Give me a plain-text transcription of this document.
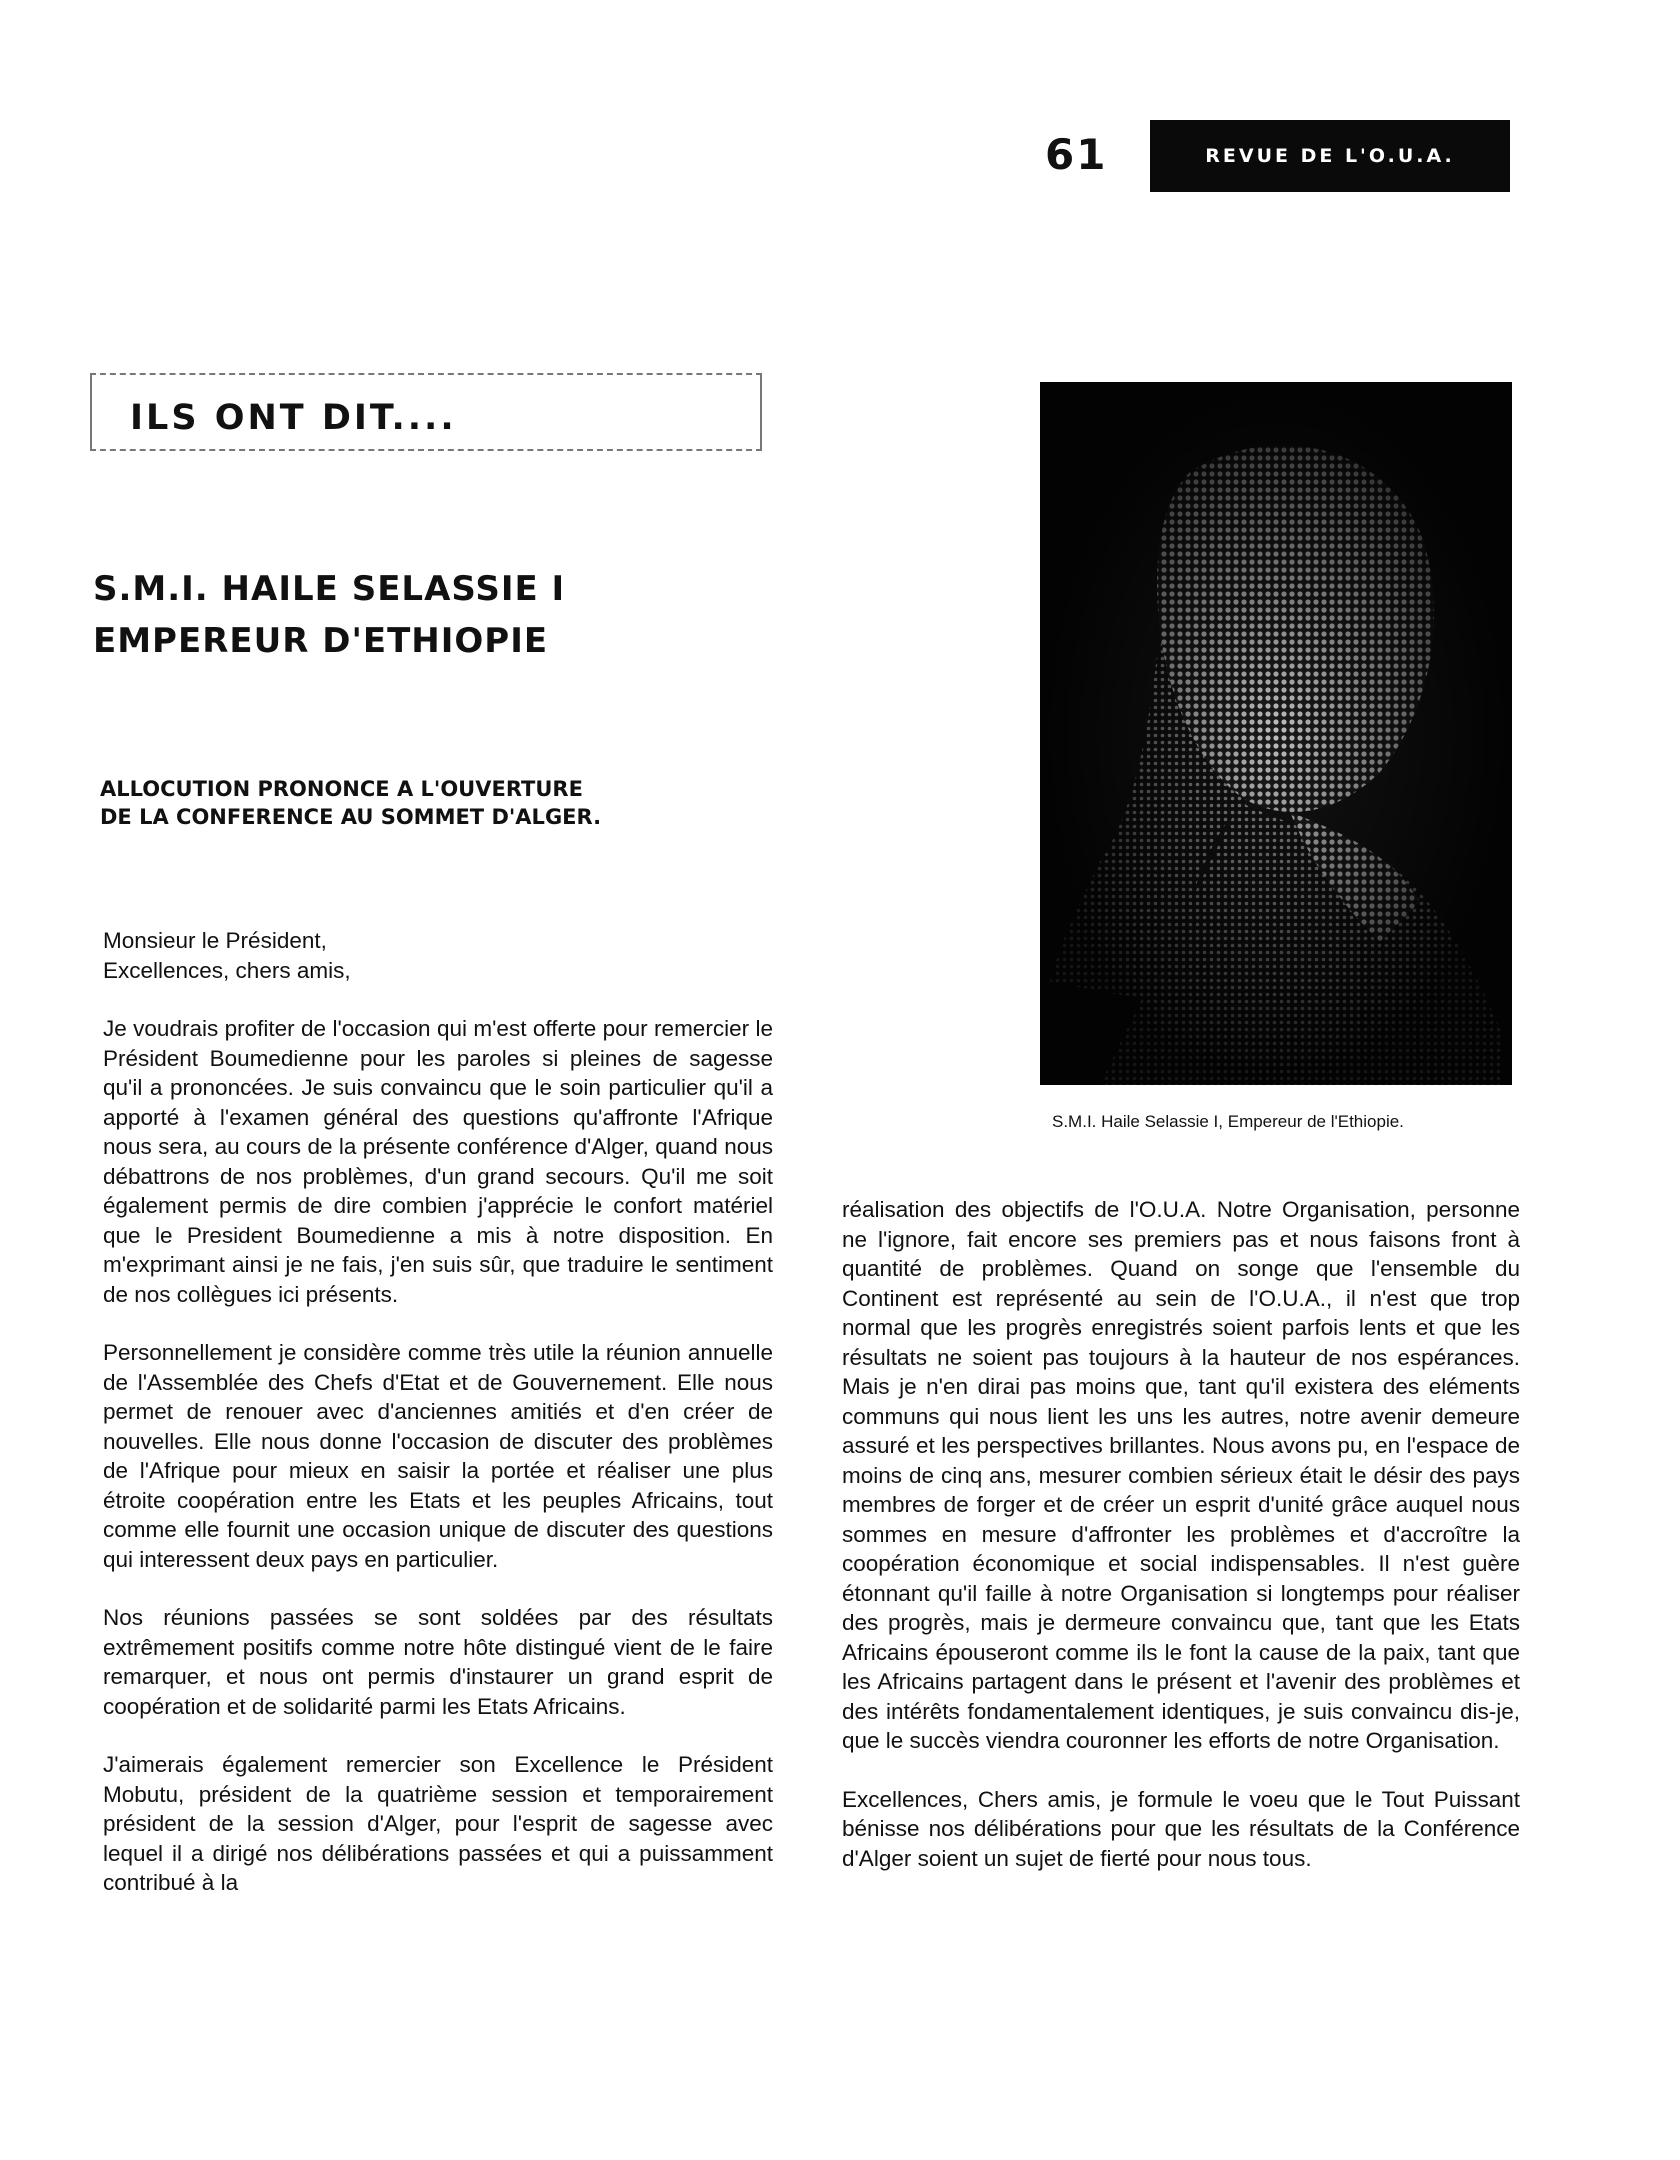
61	REVUE DE L'O.U.A.
ILS ONT DIT....
S.M.I. HAILE SELASSIE I
EMPEREUR D'ETHIOPIE
ALLOCUTION PRONONCE A L'OUVERTURE
DE LA CONFERENCE AU SOMMET D'ALGER.
S.M.I. Haile Selassie I, Empereur de l'Ethiopie.

Monsieur le Président,
Excellences, chers amis,

Je voudrais profiter de l'occasion qui m'est offerte pour remercier le Président Boumedienne pour les paroles si pleines de sagesse qu'il a prononcées. Je suis convaincu que le soin particulier qu'il a apporté à l'examen général des questions qu'affronte l'Afrique nous sera, au cours de la présente conférence d'Alger, quand nous débattrons de nos problèmes, d'un grand secours. Qu'il me soit également permis de dire combien j'apprécie le confort matériel que le President Boumedienne a mis à notre disposition. En m'exprimant ainsi je ne fais, j'en suis sûr, que traduire le sentiment de nos collègues ici présents.

Personnellement je considère comme très utile la réunion annuelle de l'Assemblée des Chefs d'Etat et de Gouvernement. Elle nous permet de renouer avec d'anciennes amitiés et d'en créer de nouvelles. Elle nous donne l'occasion de discuter des problèmes de l'Afrique pour mieux en saisir la portée et réaliser une plus étroite coopération entre les Etats et les peuples Africains, tout comme elle fournit une occasion unique de discuter des questions qui interessent deux pays en particulier.

Nos réunions passées se sont soldées par des résultats extrêmement positifs comme notre hôte distingué vient de le faire remarquer, et nous ont permis d'instaurer un grand esprit de coopération et de solidarité parmi les Etats Africains.

J'aimerais également remercier son Excellence le Président Mobutu, président de la quatrième session et temporairement président de la session d'Alger, pour l'esprit de sagesse avec lequel il a dirigé nos délibérations passées et qui a puissamment contribué à la

réalisation des objectifs de l'O.U.A. Notre Organisation, personne ne l'ignore, fait encore ses premiers pas et nous faisons front à quantité de problèmes. Quand on songe que l'ensemble du Continent est représenté au sein de l'O.U.A., il n'est que trop normal que les progrès enregistrés soient parfois lents et que les résultats ne soient pas toujours à la hauteur de nos espérances. Mais je n'en dirai pas moins que, tant qu'il existera des eléments communs qui nous lient les uns les autres, notre avenir demeure assuré et les perspectives brillantes. Nous avons pu, en l'espace de moins de cinq ans, mesurer combien sérieux était le désir des pays membres de forger et de créer un esprit d'unité grâce auquel nous sommes en mesure d'affronter les problèmes et d'accroître la coopération économique et social indispensables. Il n'est guère étonnant qu'il faille à notre Organisation si longtemps pour réaliser des progrès, mais je dermeure convaincu que, tant que les Etats Africains épouseront comme ils le font la cause de la paix, tant que les Africains partagent dans le présent et l'avenir des problèmes et des intérêts fondamentalement identiques, je suis convaincu dis-je, que le succès viendra couronner les efforts de notre Organisation.

Excellences, Chers amis, je formule le voeu que le Tout Puissant bénisse nos délibérations pour que les résultats de la Conférence d'Alger soient un sujet de fierté pour nous tous.
